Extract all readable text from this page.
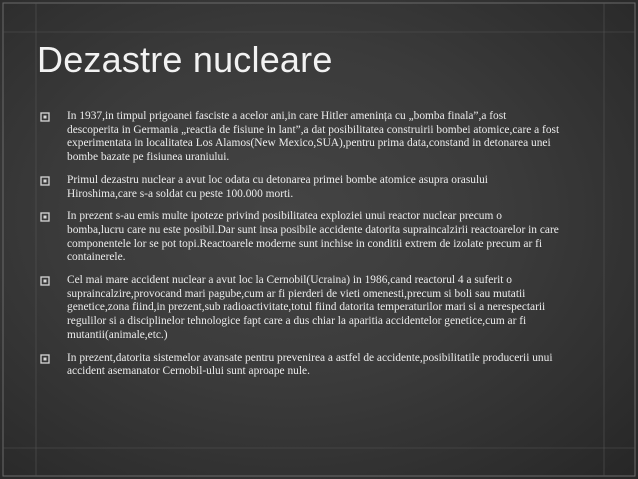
Dezastre nucleare
In 1937,in timpul prigoanei fasciste a acelor ani,in care Hitler amenința cu „bomba finala”,a fost descoperita in Germania „reactia de fisiune in lant”,a dat posibilitatea construirii bombei atomice,care a fost experimentata in localitatea Los Alamos(New Mexico,SUA),pentru prima data,constand in detonarea unei bombe bazate pe fisiunea uraniului.
Primul dezastru nuclear a avut loc odata cu detonarea primei bombe atomice asupra orasului Hiroshima,care s-a soldat cu peste 100.000 morti.
In prezent s-au emis multe ipoteze privind posibilitatea exploziei unui reactor nuclear precum o bomba,lucru care nu este posibil.Dar sunt insa posibile accidente datorita supraincalzirii reactoarelor in care componentele lor se pot topi.Reactoarele moderne sunt inchise in conditii extrem de izolate precum ar fi containerele.
Cel mai mare accident nuclear a avut loc la Cernobil(Ucraina) in 1986,cand reactorul 4 a suferit o supraincalzire,provocand mari pagube,cum ar fi pierderi de vieti omenesti,precum si boli sau mutatii genetice,zona fiind,in prezent,sub radioactivitate,totul fiind datorita temperaturilor mari si a nerespectarii regulilor si a disciplinelor tehnologice fapt care a dus chiar la aparitia accidentelor genetice,cum ar fi mutantii(animale,etc.)
In prezent,datorita sistemelor avansate pentru prevenirea a astfel de accidente,posibilitatile producerii unui accident asemanator Cernobil-ului sunt aproape nule.
